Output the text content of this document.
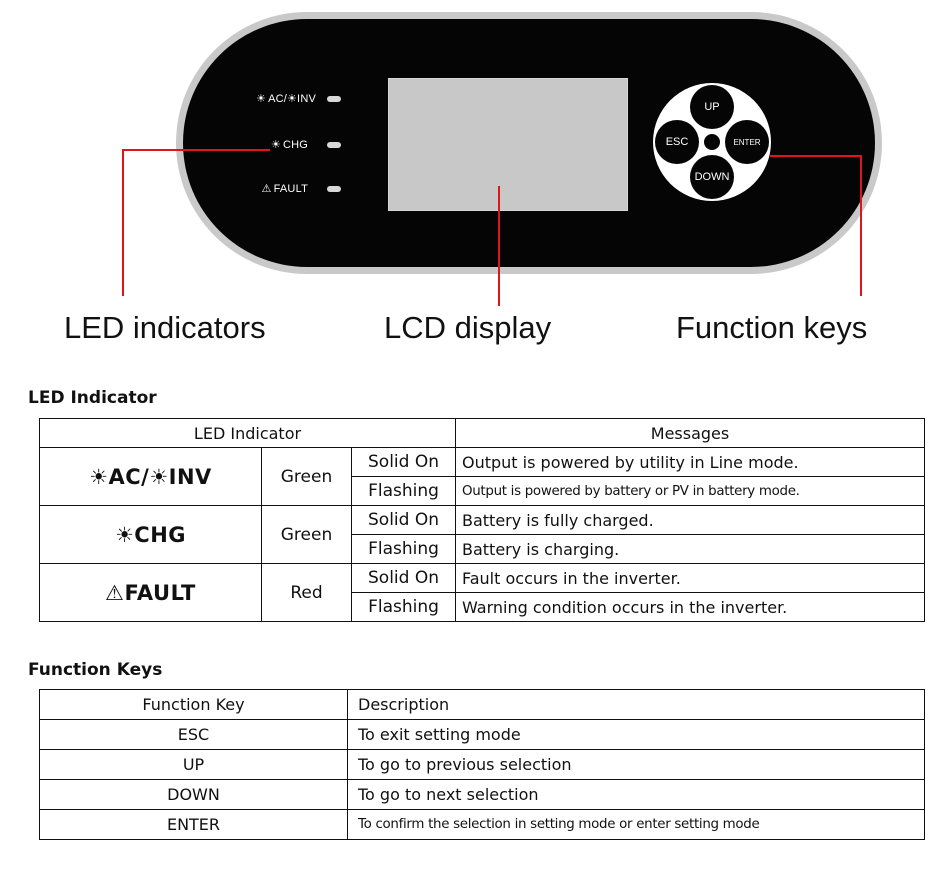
☀ AC/☀INV
☀ CHG
⚠ FAULT
UP
DOWN
ESC	ENTER
LED indicators	LCD display	Function keys
LED Indicator
LED Indicator			Messages
☀AC/☀INV	Green	Solid On	Output is powered by utility in Line mode.
		Flashing	Output is powered by battery or PV in battery mode.
☀CHG	Green	Solid On	Battery is fully charged.
		Flashing	Battery is charging.
⚠FAULT	Red	Solid On	Fault occurs in the inverter.
		Flashing	Warning condition occurs in the inverter.
Function Keys
Function Key	Description
ESC	To exit setting mode
UP	To go to previous selection
DOWN	To go to next selection
ENTER	To confirm the selection in setting mode or enter setting mode
